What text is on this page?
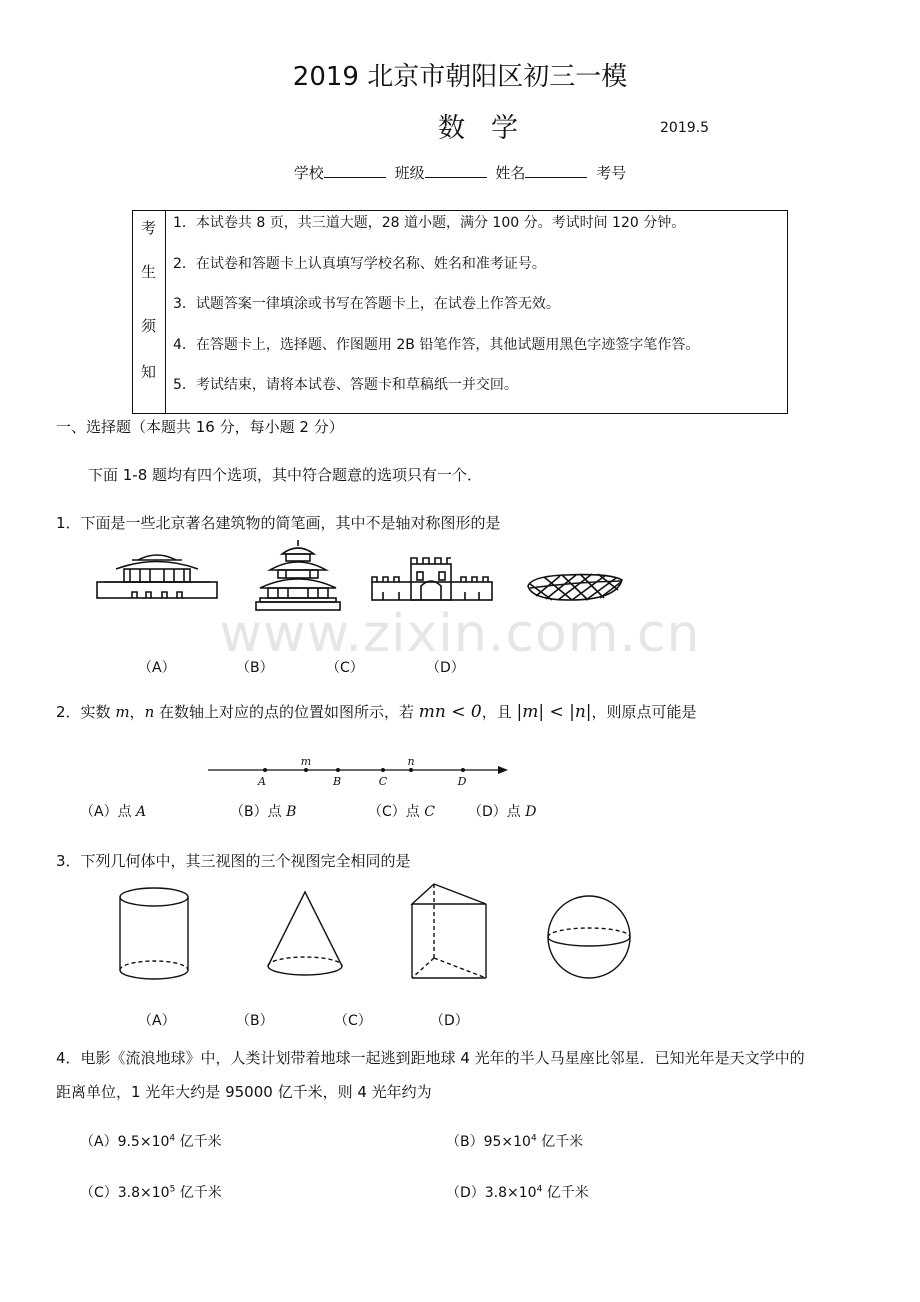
2019 北京市朝阳区初三一模
数学	2019.5
学校	班级	姓名	考号
考
生
须
知
1．本试卷共 8 页，共三道大题，28 道小题，满分 100 分。考试时间 120 分钟。
2．在试卷和答题卡上认真填写学校名称、姓名和准考证号。
3．试题答案一律填涂或书写在答题卡上，在试卷上作答无效。
4．在答题卡上，选择题、作图题用 2B 铅笔作答，其他试题用黑色字迹签字笔作答。
5．考试结束，请将本试卷、答题卡和草稿纸一并交回。
一、选择题（本题共 16 分，每小题 2 分）
下面 1-8 题均有四个选项，其中符合题意的选项只有一个．
1．下面是一些北京著名建筑物的简笔画，其中不是轴对称图形的是
（A）	（B）	（C）	（D）
www.zixin.com.cn
2．实数 m，n 在数轴上对应的点的位置如图所示，若 mn < 0，且 |m| < |n|，则原点可能是
A
m
B	C
n
D
（A）点 A	（B）点 B	（C）点 C （D）点 D
3．下列几何体中，其三视图的三个视图完全相同的是
（A）	（B）	（C）	（D）
4．电影《流浪地球》中，人类计划带着地球一起逃到距地球 4 光年的半人马星座比邻星．已知光年是天文学中的
距离单位，1 光年大约是 95000 亿千米，则 4 光年约为
$(A)9.5\times 10^4$ 亿千米	$(B)95\times 10^4$ 亿千米
$(C)3.8\times 10^5$ 亿千米	$(D)3.8\times 10^4$ 亿千米
